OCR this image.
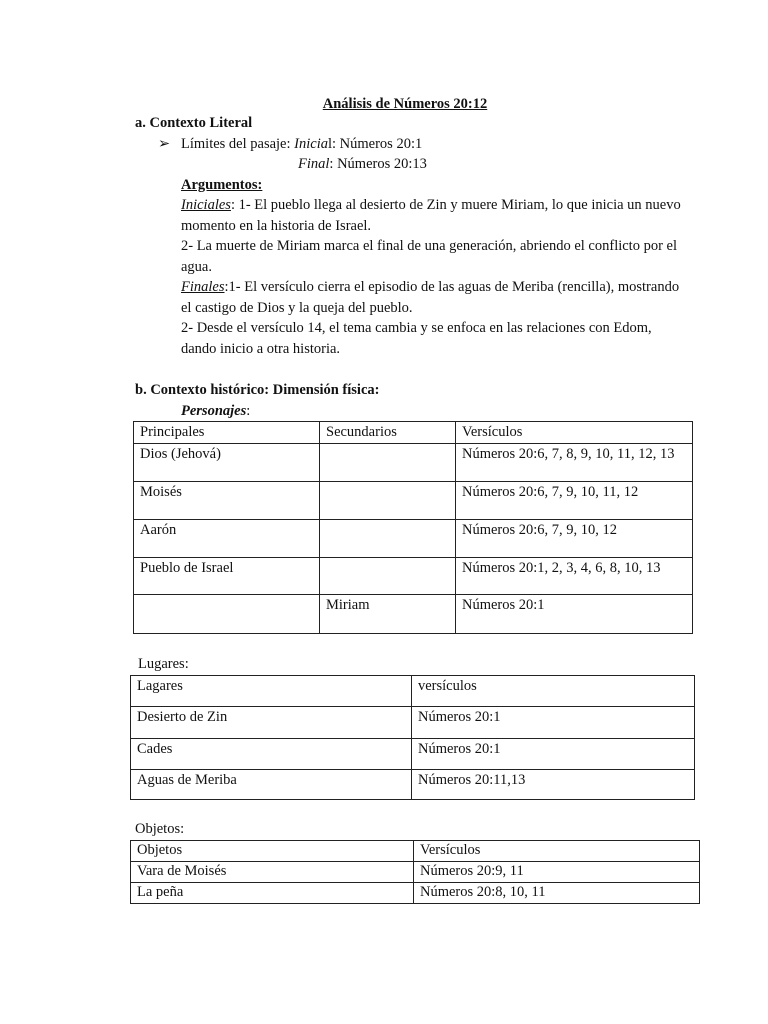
Análisis de Números 20:12
a. Contexto Literal
➢ Límites del pasaje: Inicial: Números 20:1
Final: Números 20:13
Argumentos:
Iniciales: 1- El pueblo llega al desierto de Zin y muere Miriam, lo que inicia un nuevo momento en la historia de Israel.
2- La muerte de Miriam marca el final de una generación, abriendo el conflicto por el agua.
Finales:1- El versículo cierra el episodio de las aguas de Meriba (rencilla), mostrando el castigo de Dios y la queja del pueblo.
2- Desde el versículo 14, el tema cambia y se enfoca en las relaciones con Edom, dando inicio a otra historia.
b. Contexto histórico: Dimensión física:
Personajes:
Principales	Secundarios	Versículos
Dios (Jehová)		Números 20:6, 7, 8, 9, 10, 11, 12, 13
Moisés		Números 20:6, 7, 9, 10, 11, 12
Aarón		Números 20:6, 7, 9, 10, 12
Pueblo de Israel		Números 20:1, 2, 3, 4, 6, 8, 10, 13
	Miriam	Números 20:1
Lugares:
Lagares	versículos
Desierto de Zin	Números 20:1
Cades	Números 20:1
Aguas de Meriba	Números 20:11,13
Objetos:
Objetos	Versículos
Vara de Moisés	Números 20:9, 11
La peña	Números 20:8, 10, 11
